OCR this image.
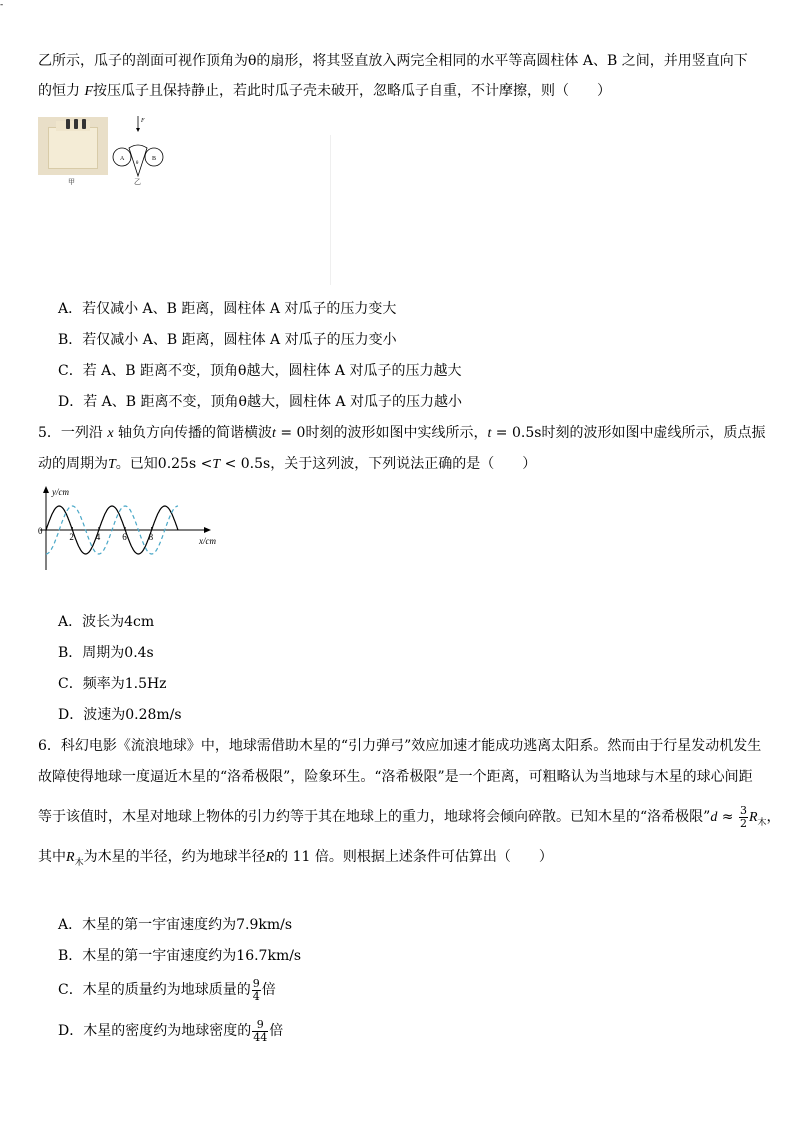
-
乙所示，瓜子的剖面可视作顶角为θ的扇形，将其竖直放入两完全相同的水平等高圆柱体 A、B 之间，并用竖直向下
的恒力 F按压瓜子且保持静止，若此时瓜子壳未破开，忽略瓜子自重，不计摩擦，则（　　）
甲
F
A	B
θ
乙
A．若仅减小 A、B 距离，圆柱体 A 对瓜子的压力变大
B．若仅减小 A、B 距离，圆柱体 A 对瓜子的压力变小
C．若 A、B 距离不变，顶角θ越大，圆柱体 A 对瓜子的压力越大
D．若 A、B 距离不变，顶角θ越大，圆柱体 A 对瓜子的压力越小
5．一列沿 x 轴负方向传播的简谐横波t = 0时刻的波形如图中实线所示，t = 0.5s时刻的波形如图中虚线所示，质点振
动的周期为T。已知0.25s <T < 0.5s，关于这列波，下列说法正确的是（　　）
2 4 6 8
y/cm
x/cm
0
A．波长为4cm
B．周期为0.4s
C．频率为1.5Hz
D．波速为0.28m/s
6．科幻电影《流浪地球》中，地球需借助木星的“引力弹弓”效应加速才能成功逃离太阳系。然而由于行星发动机发生
故障使得地球一度逼近木星的“洛希极限”，险象环生。“洛希极限”是一个距离，可粗略认为当地球与木星的球心间距
等于该值时，木星对地球上物体的引力约等于其在地球上的重力，地球将会倾向碎散。已知木星的“洛希极限”d ≈ $\frac{3}{2} R_木$，
其中$R_木$为木星的半径，约为地球半径R的 11 倍。则根据上述条件可估算出（　　）
A．木星的第一宇宙速度约为7.9km/s
B．木星的第一宇宙速度约为16.7km/s
C．木星的质量约为地球质量的 $\frac{9}{4}$ 倍
D．木星的密度约为地球密度的 $\frac{9}{44}$ 倍
